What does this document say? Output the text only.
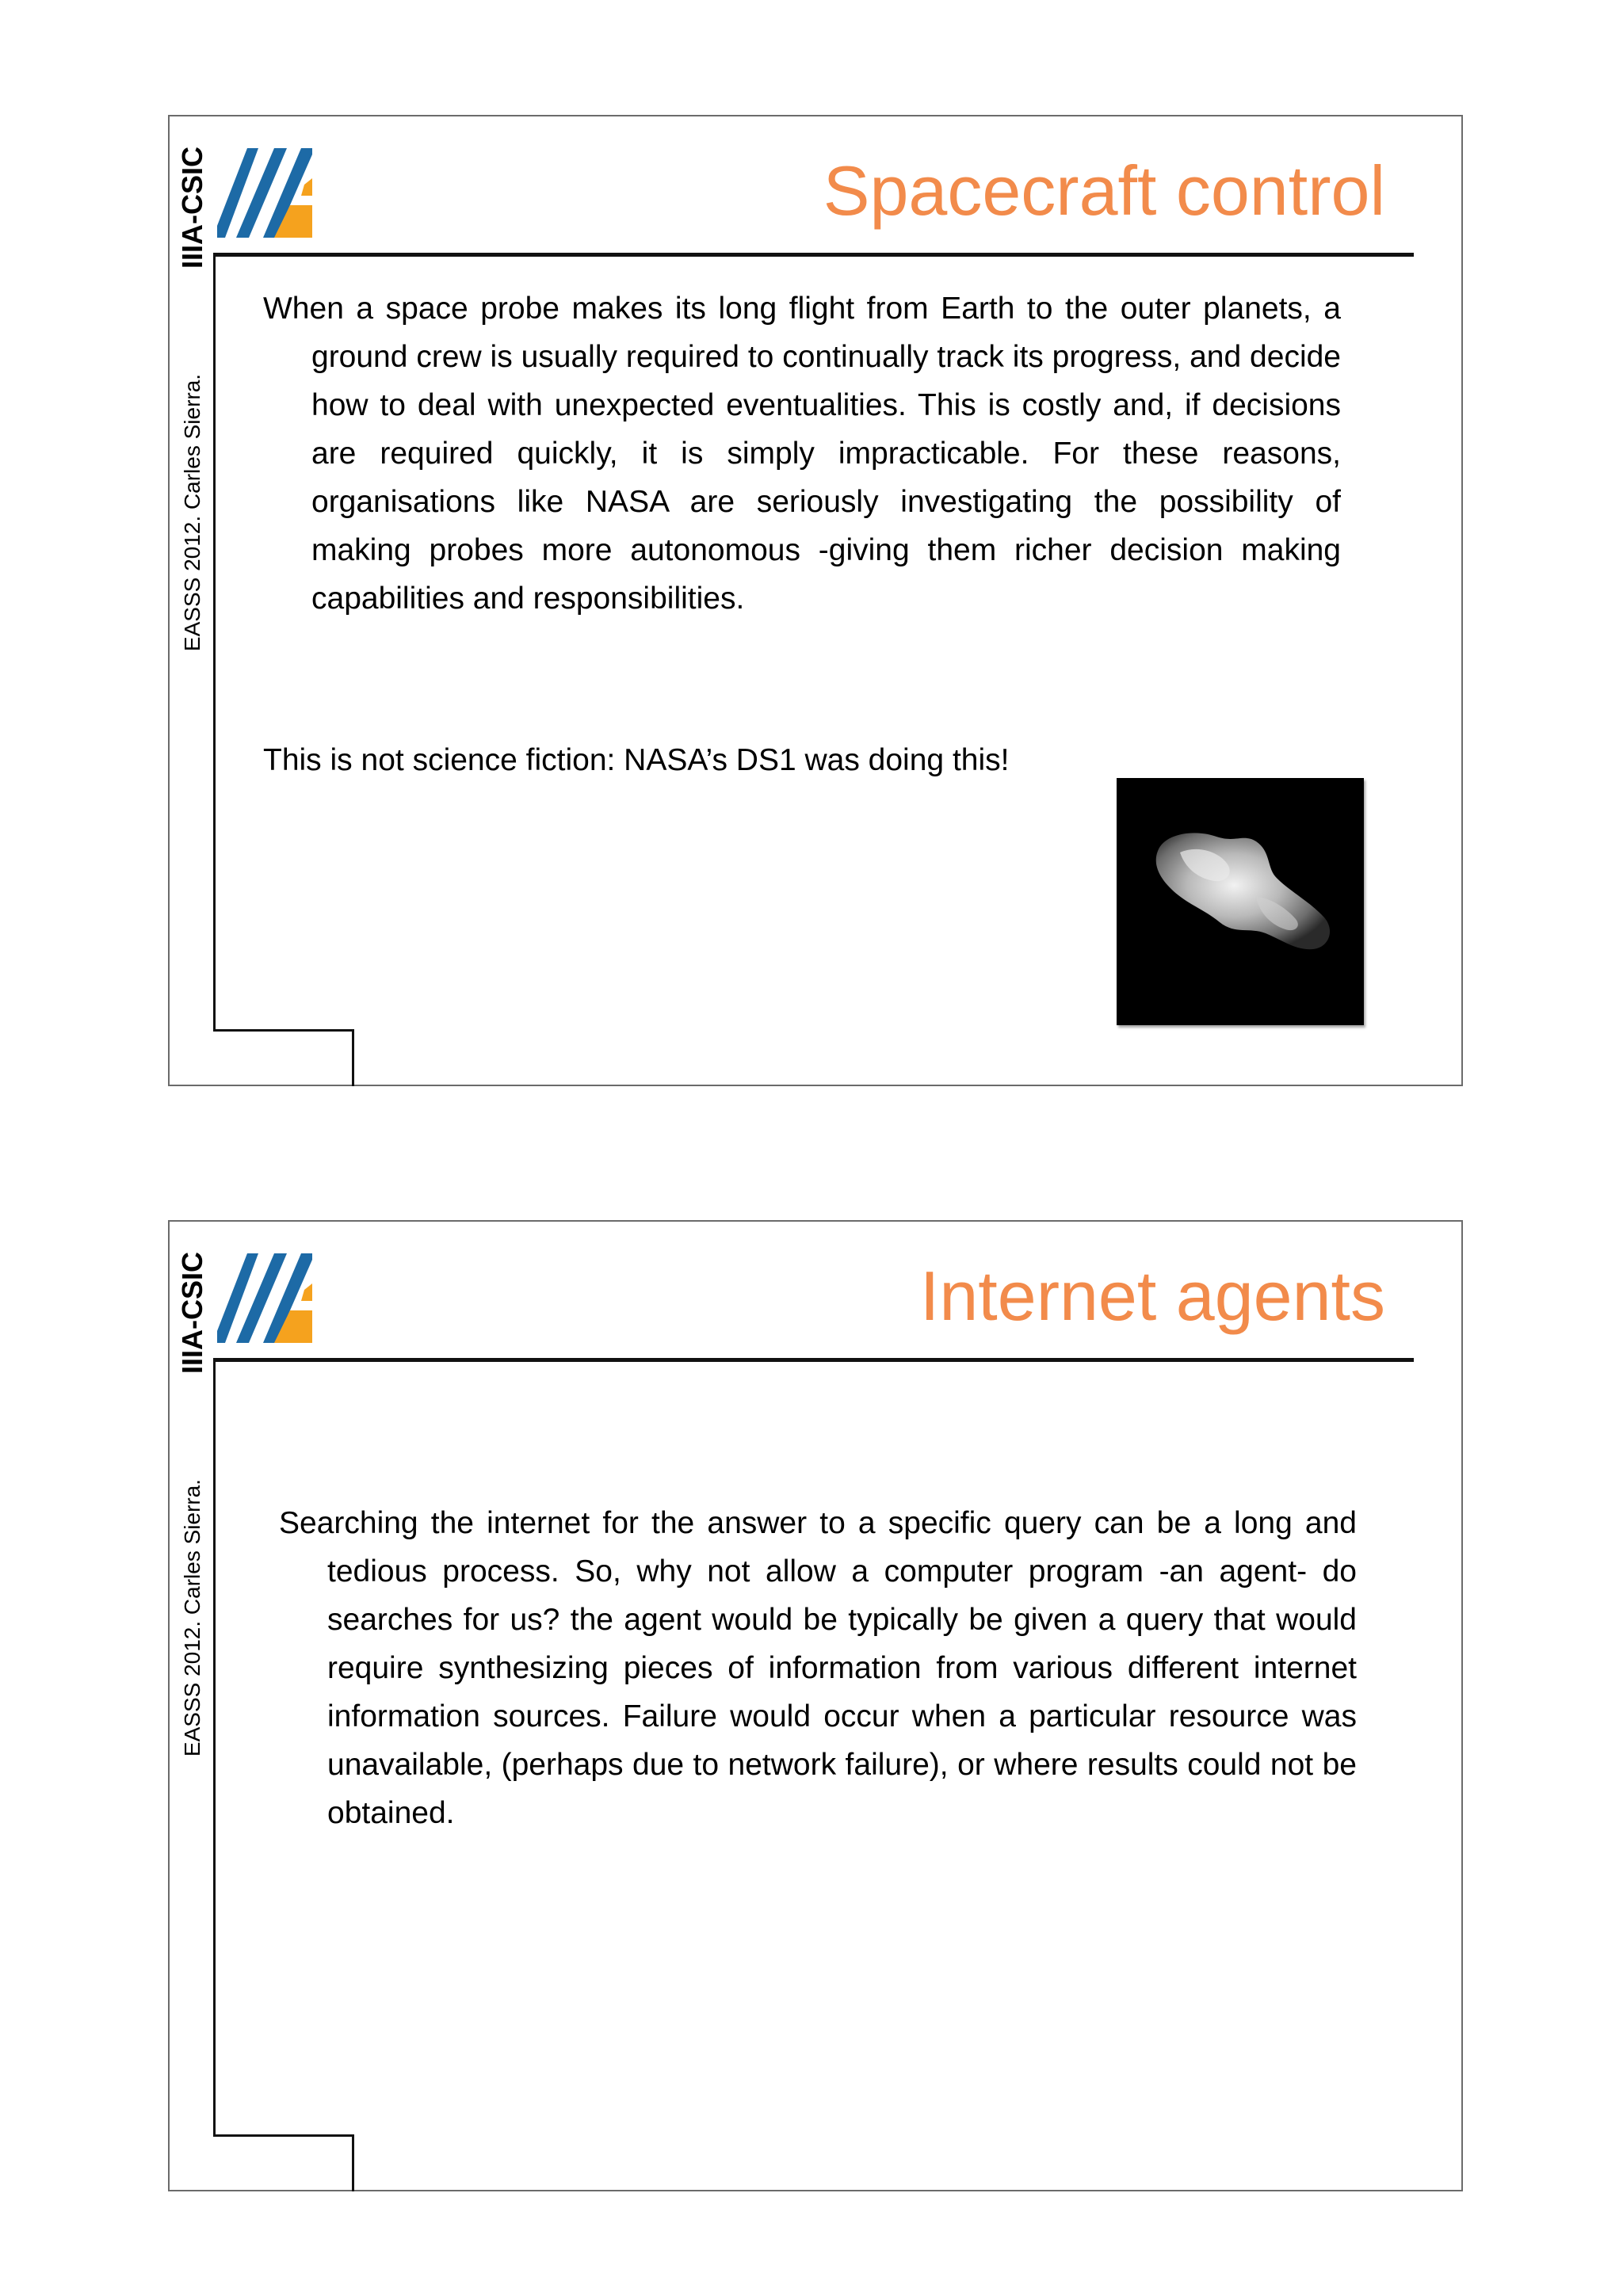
IIIA-CSIC
EASSS 2012. Carles Sierra.
Spacecraft control
When a space probe makes its long flight from Earth to the outer planets, a ground crew is usually required to continually track its progress, and decide how to deal with unexpected eventualities. This is costly and, if decisions are required quickly, it is simply impracticable. For these reasons, organisations like NASA are seriously investigating the possibility of making probes more autonomous -giving them richer decision making capabilities and responsibilities.
This is not science fiction: NASA’s DS1 was doing this!
IIIA-CSIC
EASSS 2012. Carles Sierra.
Internet agents
Searching the internet for the answer to a specific query can be a long and tedious process. So, why not allow a computer program -an agent- do searches for us? the agent would be typically be given a query that would require synthesizing pieces of information from various different internet information sources. Failure would occur when a particular resource was unavailable, (perhaps due to network failure), or where results could not be obtained.
